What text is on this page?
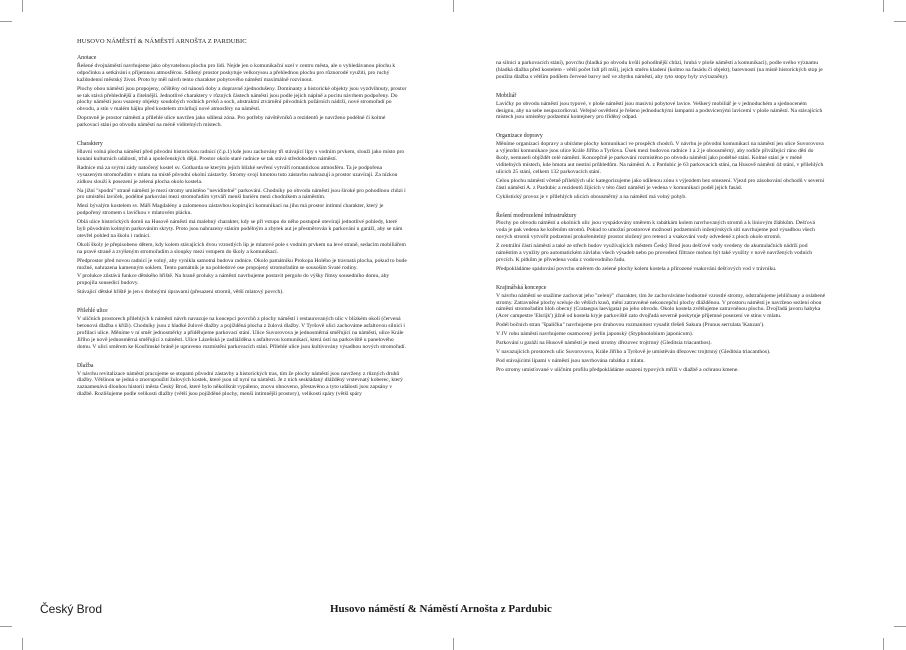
HUSOVO NÁMĚSTÍ & NÁMĚSTÍ ARNOŠTA Z PARDUBIC
Anotace

Řešené dvojnáměstí navrhujeme jako obyvatelnou plochu pro lidi. Nejde jen o komunikační uzel v centru města, ale o vyhledávanou plochu k odpočinku a setkávání s příjemnou atmosférou. Sdílený prostor poskytuje velkorysou a přehlednou plochu pro různorodé využití, pro ruchý každodenní městský život. Proto by měl návrh tento charakter pobytového náměstí maximálně rozvinout.

Plochy obou náměstí jsou propojeny, očištěny od nánosů doby a dopravně zjednodušeny. Dominanty a historické objekty jsou vyzdvihnuty, prostor se tak stává přehlednější a čitelnější. Jednotlivé charaktery v různých částech náměstí jsou podle jejich náplně a pocitu návrhem podpořeny. Do plochy náměstí jsou vsazeny objekty soudobých vodních prvků a soch, abstraktní ztvárnění původních požárních nádrží, nové stromořadí po obvodu, a stín v malém hájku před kostelem ztvárňují nové atmosféry na náměstí.

Dopravně je prostor náměstí a přilehlé ulice navržen jako sdílená zóna. Pro potřeby návštěvníků a rezidentů je navrženo podélné či kolmé parkovací stání po obvodu náměstí na méně viditelných místech.

Charaktery

Hlavní volná plocha náměstí před původní historickou radnicí (č.p.1) kde jsou zachovány tři stávající lípy s vodním prvkem, slouží jako místo pro konání kulturních událostí, trhů a společenských dějů. Prostor okolo staré radnice se tak stává středobodem náměstí.

Radnice má za svými zády natočený kostel sv. Gotharda se kterým jejich blízké sevření vytváří romantickou atmosféru. Ta je podpořena vysazeným stromořadím v mlatu na místě původní okolní zástavby. Stromy svojí hmotou tuto zástavbu nahrazují a prostor uzavírají. Za nízkou zídkou slouží k posezení je zelená plocha okolo kostela.

Na jižní "spodní" straně náměstí je mezi stromy umístěno "neviditelné" parkování. Chodníky po obvodu náměstí jsou široké pro pohodlnou chůzi i pro umístění laviček, podélné parkování mezi stromořadím vytváří menší bariéru mezi chodníkem a náměstím.

Mezi bývalým kostelem sv. Máří Magdalény a zalomenou zástavbou kopírující komunikaci na jihu má prostor intimní charakter, který je podpořený stromem s lavičkou v mlatovém plácku.

Oblá ulice historických domů na Husově náměstí má malebný charakter, kdy se při vstupu do něho postupně otevírají jednotlivé pohledy, které byli původním kolmým parkováním skryty. Proto jsou nahrazeny stáním podélným a zbytek aut je přesměrován k parkování u garáží, aby se nám otevřel pohled na školu i radnici.

Okolí školy je přepisobeno dětem, kdy kolem stávajících dvou vzrostlých lip je mlatové pole s vodním prvkem na levé straně, sedacím mobiliářem na pravé straně a zvýšeným stromořadím a sloupky mezi vstupem do školy a komunikací.

Předprostor před novou radnicí je volný, aby vynikla samotná budova radnice. Okolo památníku Prokopa Holého je travnatá plocha, pokud to bude možné, nahrazena kamenným soklem. Tento památník je na pohledové ose propojený stromořadím se sousoším Svaté rodiny.

V prolukce zůstává funkce dětského hřiště. Na hraně proluky a náměstí navrhujeme postavit pergolu do výšky římsy sousedního domu, aby propojila sousedící budovy.

Stávající dětské hřiště je jen s drobnými úpravami (přesazení stromů, větší mlatový povrch).

Přilehlé ulice

V uličních prostorech přilehlých k náměstí návrh navazuje na koncepci povrchů z plochy náměstí i restaurovaných ulic v blízkém okolí (červená betonová dlažba s kříži). Chodníky jsou z hladké žulové dlažby a pojížděná plocha z žulová dlažby. V Tyršově ulici zachováme asfaltovou silnici i profilaci ulice. Měníme v ní směr jednosměrky a přidělujeme parkovací stání. Ulice Suvorovova je jednosměrná směřující na náměstí, ulice Krále Jiřího je nově jednosměrná směřující z náměstí. Ulice Lázeňská je zadlážděna s asfaltovou komunikací, která ústí na parkoviště u panelového domu. V ulici směrem ke Kouřimské bráně je upraveno rozmístění parkovacích stání. Přilehlé ulice jsou kultivovány výsadbou nových stromořadí.

Dlažba

V návrhu revitalizace náměstí pracujeme se stopami původní zástavby a historických tras, tím že plochy náměstí jsou navrženy z různých druhů dlažby. Většinou se jedná o znovupoužití žulových kostek, které jsou už nyní na náměstí. Je z nich seskládaný dlážděný vrstevnatý koberec, který zaznamenává dlouhou historii města Český Brod, které bylo několikrát vypáleno, znovu obnoveno, přestavěno a tyto události jsou zapsány v dlažbě. Rozlišujeme podle velikosti dlažby (větší jsou pojížděné plochy, menší intimnější prostory), velikosti spáry (větší spáry

na silnici a parkovacích stání), povrchu (hladká po obvodu kvůli pohodlnější chůzi, hrubá v ploše náměstí a komunikaci), podle svého významu (hladká dlažba před kostelem - větší počet lidí při mši), jejich směru kladení (kolmo na fasádu či objekt), barevnosti (na místě historických stop je použita dlažba s větším podílem červené barvy než ve zbytku náměstí, aby tyto stopy byly zvýrazněny).

Mobiliář

Lavičky po obvodu náměstí jsou typové, v ploše náměstí jsou masivní pobytové lavice. Veškerý mobiliář je v jednoduchém a sjednoceném designu, aby na sebe neupozorňoval. Veřejné osvětlení je řešeno jednoduchými lampami a podsvícenými lavicemi v ploše náměstí. Na stávajících místech jsou umístěny podzemní kontejnery pro tříděný odpad.

Organizace dopravy

Měníme organizaci dopravy a ubíráme plochy komunikací ve prospěch chodců. V návrhu je původní komunikaci na náměstí jen ulice Suvorovova a výjezdní komunikace jsou ulice Krále Jiřího a Tyršova. Úsek mezi budovou radnice 1 a 2 je obousměrný, aby rodiče přivážející ráno děti do školy, nemuseli objíždět celé náměstí. Koncepčně je parkování rozmístěno po obvodu náměstí jako podélné stání. Kolmé stání je v méně viditelných místech, kde hmota aut nestíní průhledům. Na náměstí A. z Pardubic je 63 parkovacích stání, na Husově náměstí 44 stání, v přilehlých ulicích 25 stání, celkem 132 parkovacích stání.

Celou plochu náměstí včetně přilehlých ulic kategorizujeme jako sdílenou zónu s výjezdem bez omezení. Vjezd pro zásobování obchodů v severní části náměstí A. z Pardubic a rezidentů žijících v této části náměstí je vedena v komunikaci podél jejich fasád.

Cyklistický provoz je v přilehlých ulicích obousměrný a na náměstí má volný pohyb.

Řešení modrozelené infrastruktury

Plochy po obvodu náměstí a okolních ulic jsou vyspádovány směrem k rabátkám kolem navrhovaných stromů a k liniovým žlábkům. Dešťová voda je pak vedena ke kořenům stromů. Pokud to umožní prostorové možnosti podzemních inženýrských sítí navrhujeme pod výsadbou všech nových stromů vytvořit podzemní prokořenitelný prostor složený pro retenci a vsakování vody odvedené z ploch okolo stromů.

Z centrální části náměstí a také ze střech budov využívajících městem Český Brod jsou dešťové vody svedeny do akumulačních nádrží pod náměstím a využity pro automatickém závlahu všech výsadeb nebo po provedení filtrace mohou být také využity v nově navržených vodních prvcích. K pitkům je přivedena voda z vodovodního řadu.

Předpokládáme spádování povrchu směrem do zelené plochy kolem kostela a přirozené vsakování dešťových vod v trávníku.

Krajinářská koncepce

V návrhu náměstí se snažíme zachovat jeho "zelený" charakter, tím že zachováváme hodnotné vzrostlé stromy, odstraňujeme jehličnany a oslabené stromy. Zatravněné plochy sceluje do větších kusů, mění zatravněné nekoncepční plochy dlážděnou. V prostoru náměstí je navrženo sezlení obou náměstí stromořadím hloh obecný (Crataegus laevigata) po jeho obvodu. Okolo kostela zvětšujeme zatravněnou plochu. Dvojřadá javoru habyka (Acer campestre 'Elsrijk') jižně od kostela kryje parkoviště zato dvojřadá severně poskytuje příjemné posezení ve stínu v mlatu.

Podél bočních stran "špalíčku" navrhujeme pro druhovou rozmanitost vysadit třešeň Sakura (Prunus serrulata 'Kanzan').

V JV rohu náměstí navrhujeme osamocený jerlín japonský (Styphnolobium japonicum).

Parkování u garáží na Husově náměstí je mezi stromy dřezovec trojtrnný (Gleditsia triacanthos).

V navazujících prostorech ulic Suvorovova, Krále Jiřího a Tyršově je umístěván dřezovec trojtrnný (Gleditsia triacanthos).

Pod stávajícími lípami v náměstí jsou navrhována rabátka z mlatu.

Pro stromy umisťované v uličním profilu předpokládáme osazení typových mříží v dlažbě a ochranu kmene.

Český Brod	Husovo náměstí & Náměstí Arnošta z Pardubic
